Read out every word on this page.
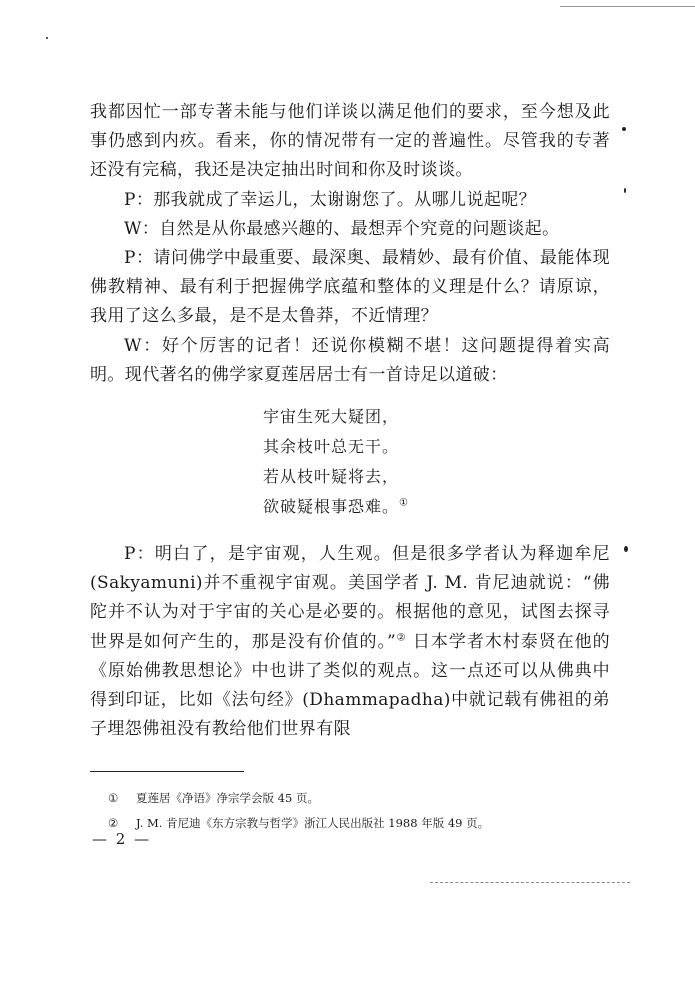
我都因忙一部专著未能与他们详谈以满足他们的要求，至今想及此事仍感到内疚。看来，你的情况带有一定的普遍性。尽管我的专著还没有完稿，我还是决定抽出时间和你及时谈谈。

P：那我就成了幸运儿，太谢谢您了。从哪儿说起呢？

W：自然是从你最感兴趣的、最想弄个究竟的问题谈起。

P：请问佛学中最重要、最深奥、最精妙、最有价值、最能体现佛教精神、最有利于把握佛学底蕴和整体的义理是什么？请原谅，我用了这么多最，是不是太鲁莽，不近情理？

W：好个厉害的记者！还说你模糊不堪！这问题提得着实高明。现代著名的佛学家夏莲居居士有一首诗足以道破：

宇宙生死大疑团，
其余枝叶总无干。
若从枝叶疑将去，
欲破疑根事恐难。①

P：明白了，是宇宙观，人生观。但是很多学者认为释迦牟尼(Sakyamuni)并不重视宇宙观。美国学者 J. M. 肯尼迪就说：“佛陀并不认为对于宇宙的关心是必要的。根据他的意见，试图去探寻世界是如何产生的，那是没有价值的。”② 日本学者木村泰贤在他的《原始佛教思想论》中也讲了类似的观点。这一点还可以从佛典中得到印证，比如《法句经》(Dhammapadha)中就记载有佛祖的弟子埋怨佛祖没有教给他们世界有限

① 夏莲居《净语》净宗学会版 45 页。
② J. M. 肯尼迪《东方宗教与哲学》浙江人民出版社 1988 年版 49 页。
— 2 —
